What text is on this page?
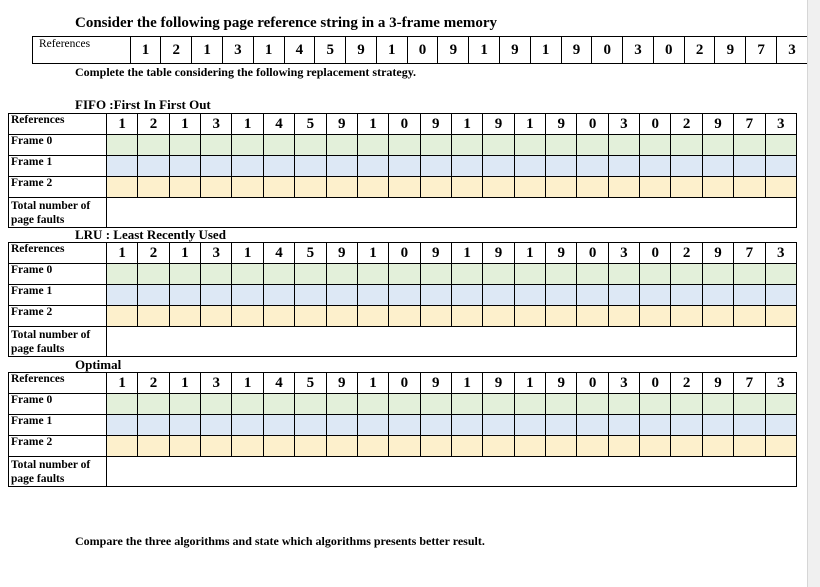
Consider the following page reference string in a 3-frame memory
References	1	2	1	3	1	4	5	9	1	0	9	1	9	1	9	0	3	0	2	9	7	3
Complete the table considering the following replacement strategy.
FIFO :First In First Out
References	1	2	1	3	1	4	5	9	1	0	9	1	9	1	9	0	3	0	2	9	7	3
Frame 0																						
Frame 1																						
Frame 2																						
Total number of page faults																						
LRU : Least Recently Used
References	1	2	1	3	1	4	5	9	1	0	9	1	9	1	9	0	3	0	2	9	7	3
Frame 0																						
Frame 1																						
Frame 2																						
Total number of page faults																						
Optimal
References	1	2	1	3	1	4	5	9	1	0	9	1	9	1	9	0	3	0	2	9	7	3
Frame 0																						
Frame 1																						
Frame 2																						
Total number of page faults																						
Compare the three algorithms and state which algorithms presents better result.
